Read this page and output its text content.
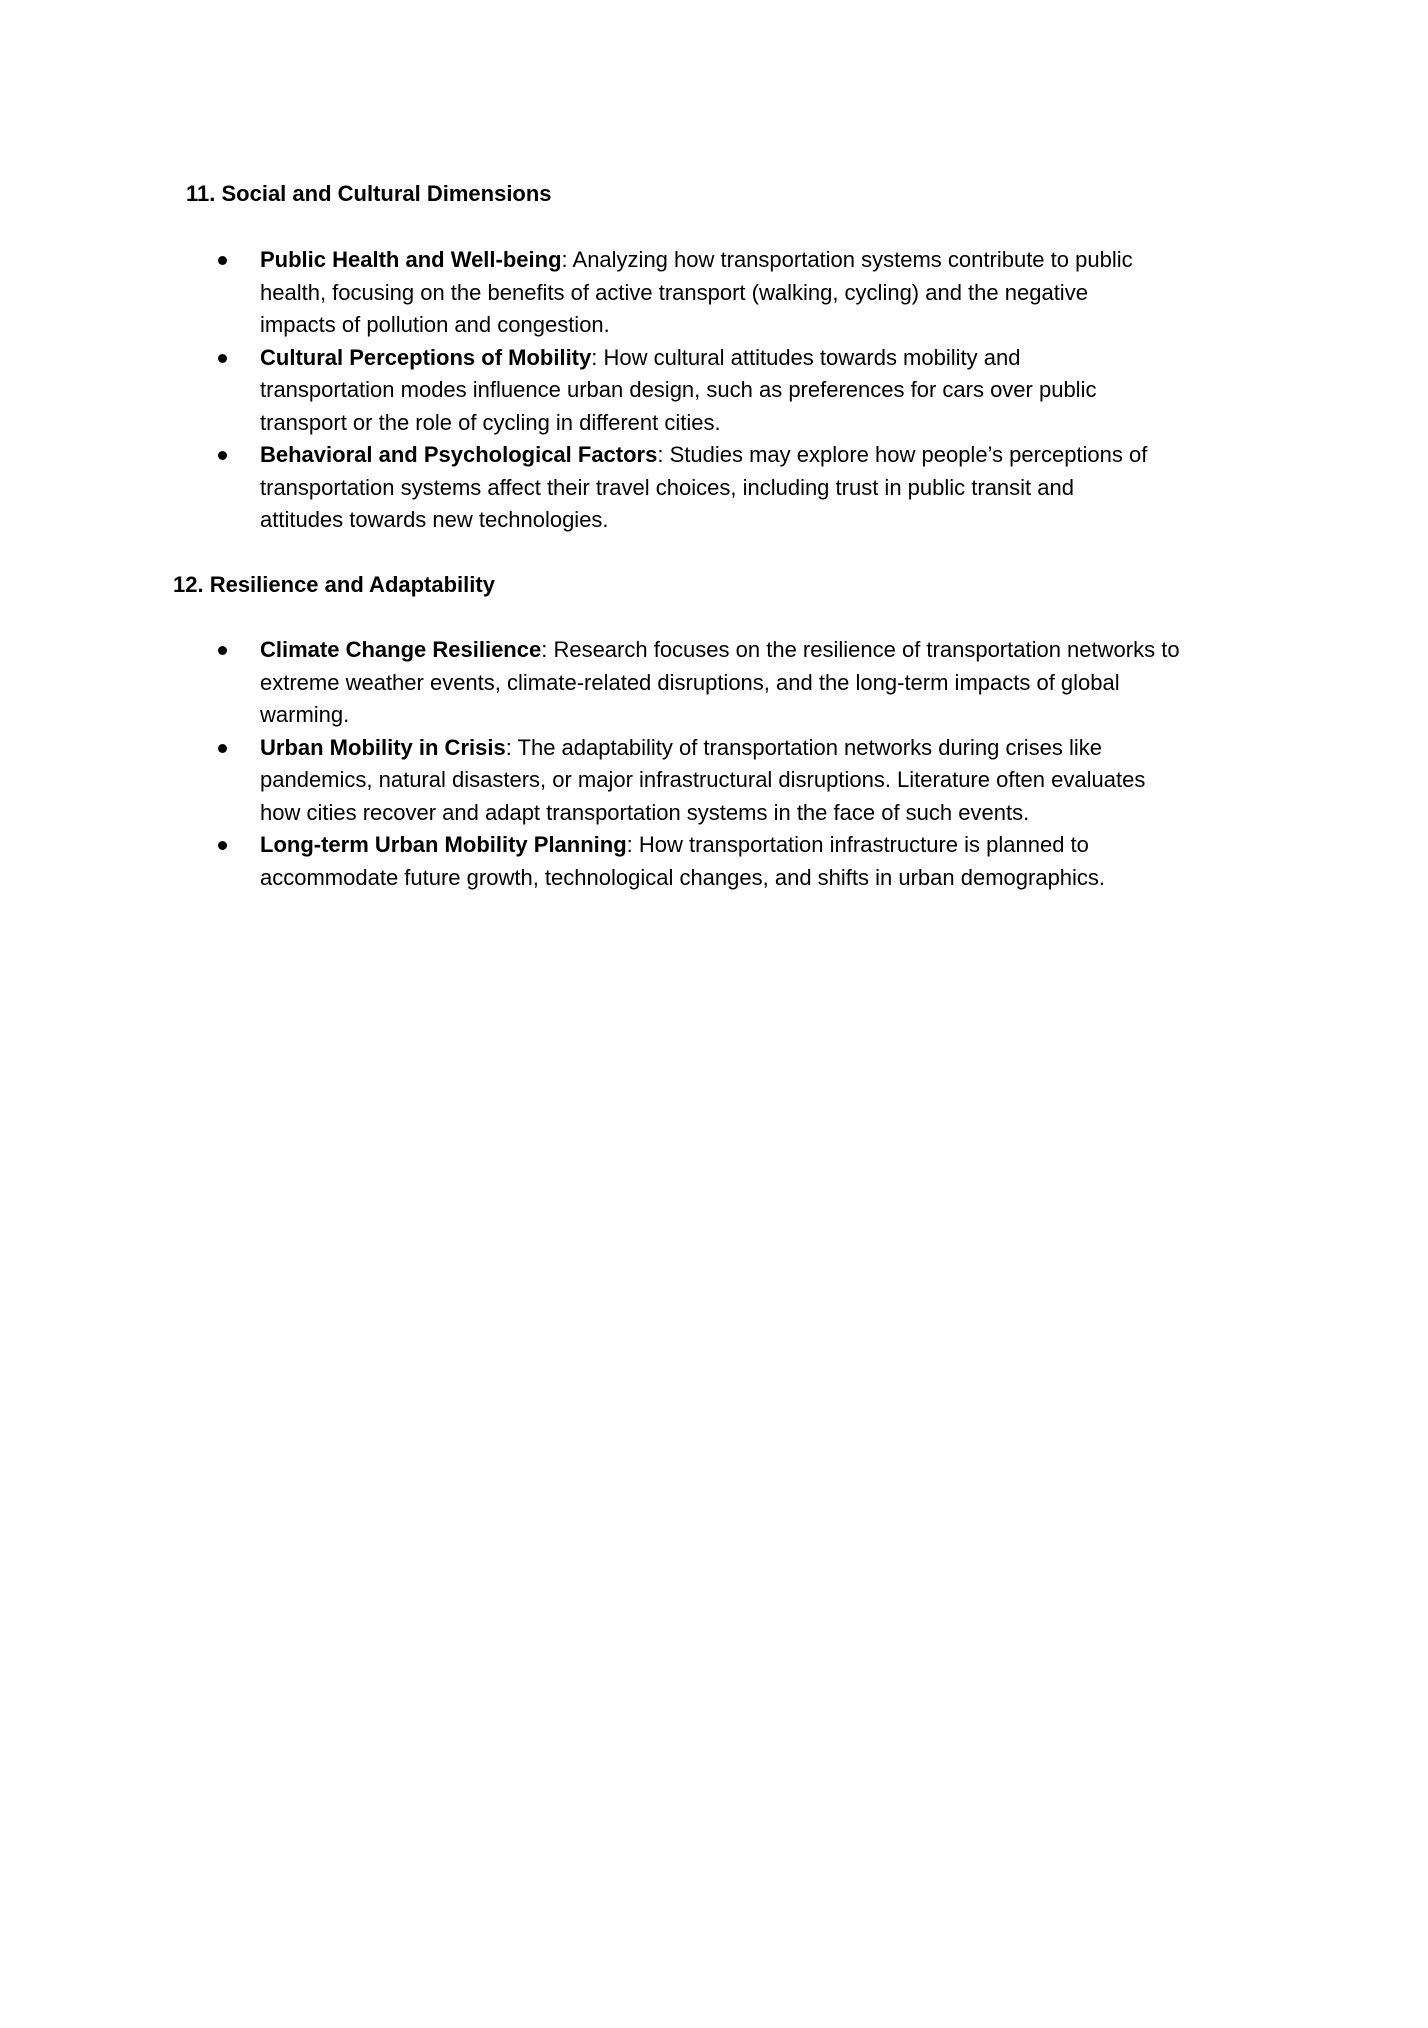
11. Social and Cultural Dimensions
Public Health and Well-being: Analyzing how transportation systems contribute to public
health, focusing on the benefits of active transport (walking, cycling) and the negative
impacts of pollution and congestion.
Cultural Perceptions of Mobility: How cultural attitudes towards mobility and
transportation modes influence urban design, such as preferences for cars over public
transport or the role of cycling in different cities.
Behavioral and Psychological Factors: Studies may explore how people’s perceptions of
transportation systems affect their travel choices, including trust in public transit and
attitudes towards new technologies.
12. Resilience and Adaptability
Climate Change Resilience: Research focuses on the resilience of transportation networks to
extreme weather events, climate-related disruptions, and the long-term impacts of global
warming.
Urban Mobility in Crisis: The adaptability of transportation networks during crises like
pandemics, natural disasters, or major infrastructural disruptions. Literature often evaluates
how cities recover and adapt transportation systems in the face of such events.
Long-term Urban Mobility Planning: How transportation infrastructure is planned to
accommodate future growth, technological changes, and shifts in urban demographics.
